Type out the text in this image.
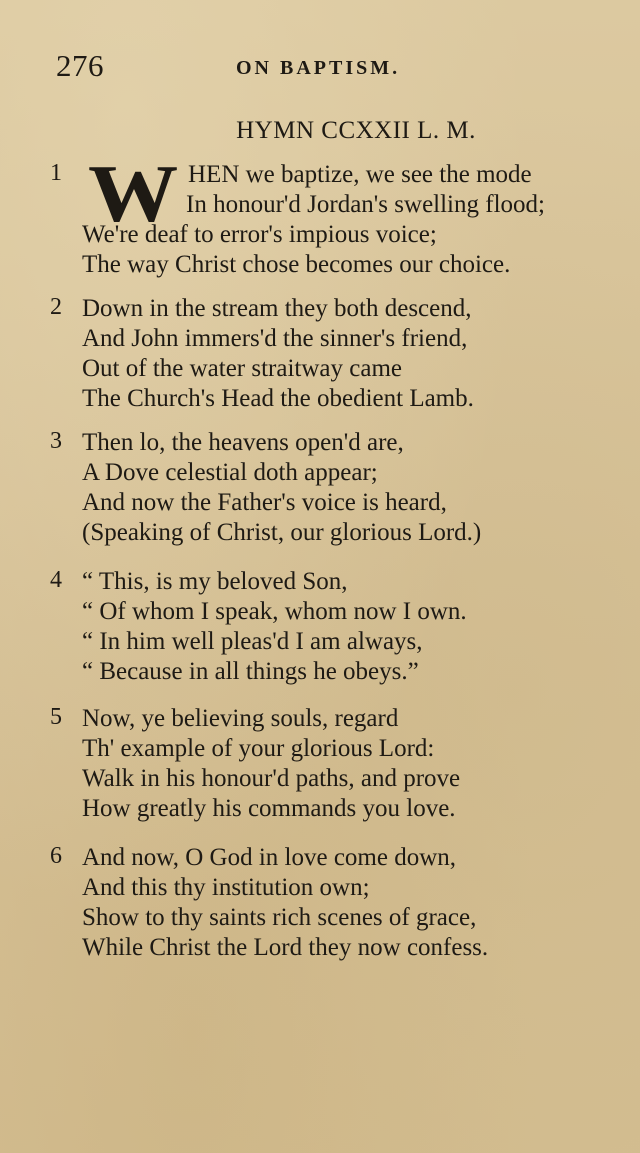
276	ON BAPTISM.
HYMN CCXXII L. M.
1 W HEN we baptize, we see the mode
In honour'd Jordan's swelling flood;
We're deaf to error's impious voice;
The way Christ chose becomes our choice.
2 Down in the stream they both descend,
And John immers'd the sinner's friend,
Out of the water straitway came
The Church's Head the obedient Lamb.
3 Then lo, the heavens open'd are,
A Dove celestial doth appear;
And now the Father's voice is heard,
(Speaking of Christ, our glorious Lord.)
4 “ This, is my beloved Son,
“ Of whom I speak, whom now I own.
“ In him well pleas'd I am always,
“ Because in all things he obeys.”
5 Now, ye believing souls, regard
Th' example of your glorious Lord:
Walk in his honour'd paths, and prove
How greatly his commands you love.
6 And now, O God in love come down,
And this thy institution own;
Show to thy saints rich scenes of grace,
While Christ the Lord they now confess.
